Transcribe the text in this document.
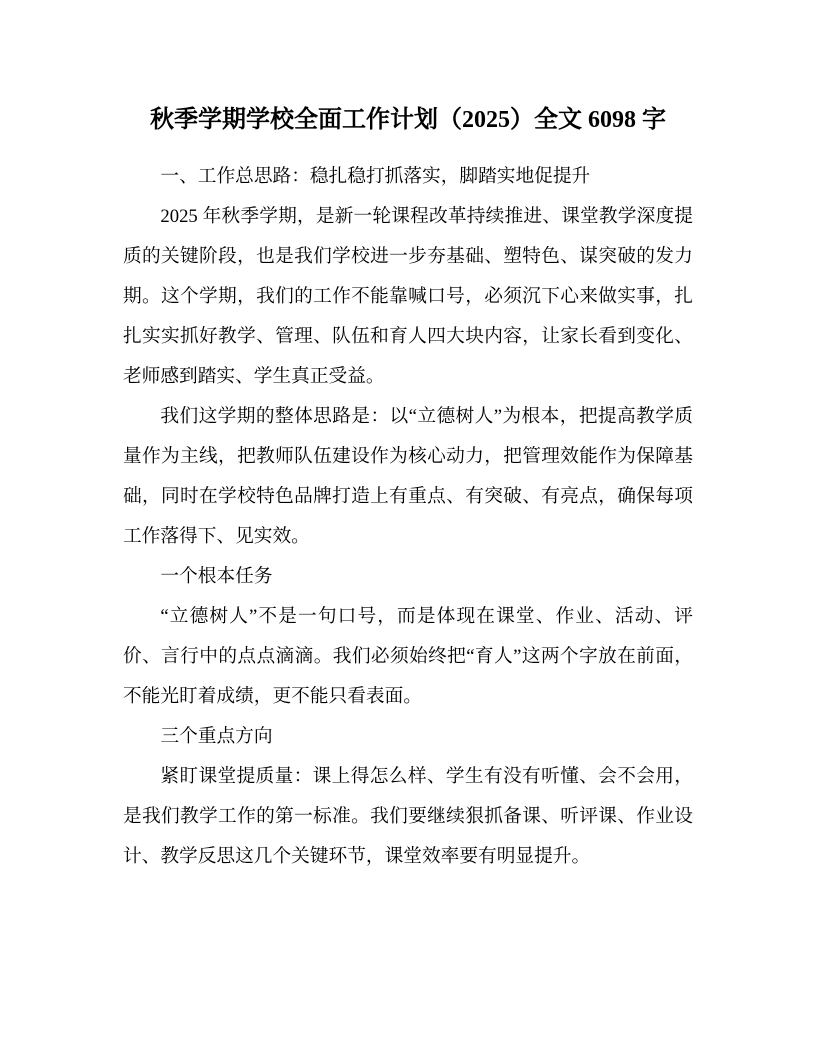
秋季学期学校全面工作计划（2025）全文 6098 字

一、工作总思路：稳扎稳打抓落实，脚踏实地促提升

2025 年秋季学期，是新一轮课程改革持续推进、课堂教学深度提质的关键阶段，也是我们学校进一步夯基础、塑特色、谋突破的发力期。这个学期，我们的工作不能靠喊口号，必须沉下心来做实事，扎扎实实抓好教学、管理、队伍和育人四大块内容，让家长看到变化、老师感到踏实、学生真正受益。

我们这学期的整体思路是：以“立德树人”为根本，把提高教学质量作为主线，把教师队伍建设作为核心动力，把管理效能作为保障基础，同时在学校特色品牌打造上有重点、有突破、有亮点，确保每项工作落得下、见实效。

一个根本任务

“立德树人”不是一句口号，而是体现在课堂、作业、活动、评价、言行中的点点滴滴。我们必须始终把“育人”这两个字放在前面，不能光盯着成绩，更不能只看表面。

三个重点方向

紧盯课堂提质量：课上得怎么样、学生有没有听懂、会不会用，是我们教学工作的第一标准。我们要继续狠抓备课、听评课、作业设计、教学反思这几个关键环节，课堂效率要有明显提升。
